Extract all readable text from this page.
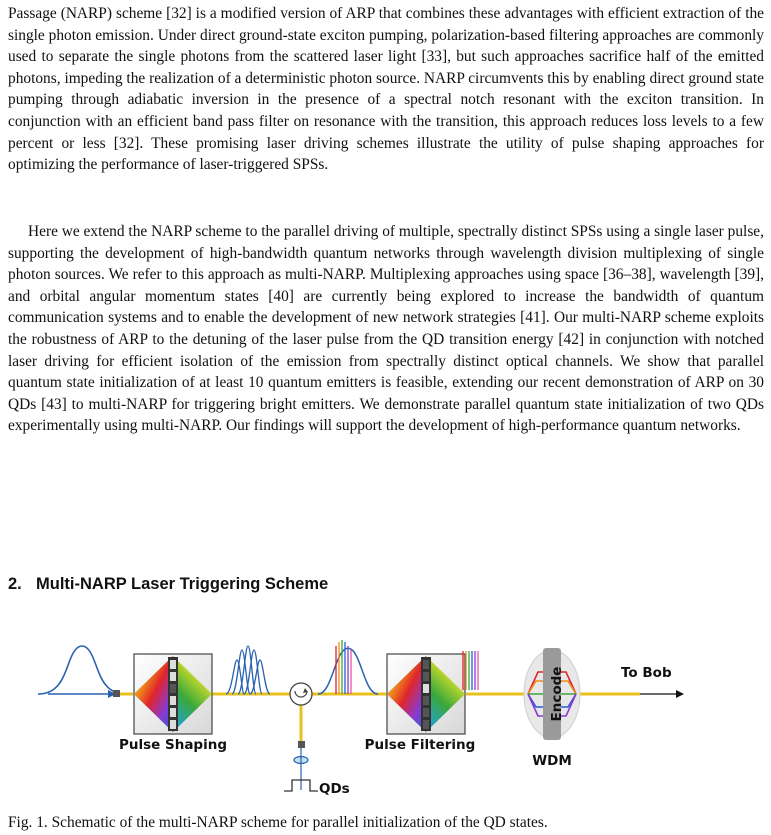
Passage (NARP) scheme [32] is a modified version of ARP that combines these advantages with efficient extraction of the single photon emission. Under direct ground-state exciton pumping, polarization-based filtering approaches are commonly used to separate the single photons from the scattered laser light [33], but such approaches sacrifice half of the emitted photons, impeding the realization of a deterministic photon source. NARP circumvents this by enabling direct ground state pumping through adiabatic inversion in the presence of a spectral notch resonant with the exciton transition. In conjunction with an efficient band pass filter on resonance with the transition, this approach reduces loss levels to a few percent or less [32]. These promising laser driving schemes illustrate the utility of pulse shaping approaches for optimizing the performance of laser-triggered SPSs.

Here we extend the NARP scheme to the parallel driving of multiple, spectrally distinct SPSs using a single laser pulse, supporting the development of high-bandwidth quantum networks through wavelength division multiplexing of single photon sources. We refer to this approach as multi-NARP. Multiplexing approaches using space [36–38], wavelength [39], and orbital angular momentum states [40] are currently being explored to increase the bandwidth of quantum communication systems and to enable the development of new network strategies [41]. Our multi-NARP scheme exploits the robustness of ARP to the detuning of the laser pulse from the QD transition energy [42] in conjunction with notched laser driving for efficient isolation of the emission from spectrally distinct optical channels. We show that parallel quantum state initialization of at least 10 quantum emitters is feasible, extending our recent demonstration of ARP on 30 QDs [43] to multi-NARP for triggering bright emitters. We demonstrate parallel quantum state initialization of two QDs experimentally using multi-NARP. Our findings will support the development of high-performance quantum networks.

2. Multi-NARP Laser Triggering Scheme
Encode
Pulse Shaping	Pulse Filtering
WDM
To Bob
QDs
Fig. 1. Schematic of the multi-NARP scheme for parallel initialization of the QD states.
